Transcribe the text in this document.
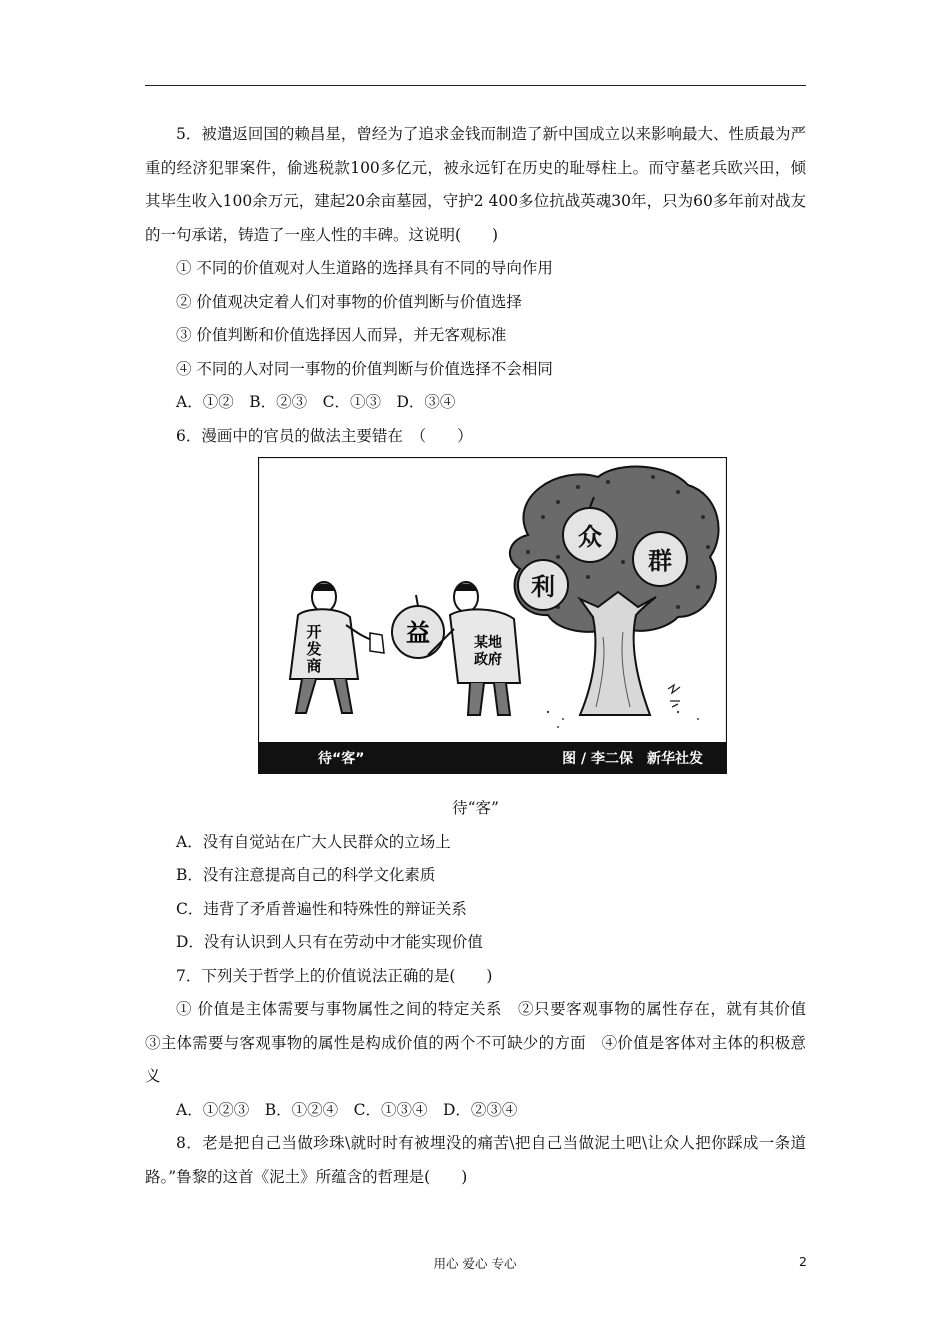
5．被遣返回国的赖昌星，曾经为了追求金钱而制造了新中国成立以来影响最大、性质最为严重的经济犯罪案件，偷逃税款100多亿元，被永远钉在历史的耻辱柱上。而守墓老兵欧兴田，倾其毕生收入100余万元，建起20余亩墓园，守护2 400多位抗战英魂30年，只为60多年前对战友的一句承诺，铸造了一座人性的丰碑。这说明(　　)

① 不同的价值观对人生道路的选择具有不同的导向作用

② 价值观决定着人们对事物的价值判断与价值选择

③ 价值判断和价值选择因人而异，并无客观标准

④ 不同的人对同一事物的价值判断与价值选择不会相同

A．①②　B．②③　C．①③　D．③④

6．漫画中的官员的做法主要错在　（　　）

利
众
群
开
发
商
益	某地
政府
待“客”	图 / 李二保　新华社发

待“客”

A．没有自觉站在广大人民群众的立场上

B．没有注意提高自己的科学文化素质

C．违背了矛盾普遍性和特殊性的辩证关系

D．没有认识到人只有在劳动中才能实现价值

7．下列关于哲学上的价值说法正确的是(　　)

① 价值是主体需要与事物属性之间的特定关系　②只要客观事物的属性存在，就有其价值　③主体需要与客观事物的属性是构成价值的两个不可缺少的方面　④价值是客体对主体的积极意义

A．①②③　B．①②④　C．①③④　D．②③④

8．老是把自己当做珍珠\就时时有被埋没的痛苦\把自己当做泥土吧\让众人把你踩成一条道路。”鲁黎的这首《泥土》所蕴含的哲理是(　　)

用心 爱心 专心	2
